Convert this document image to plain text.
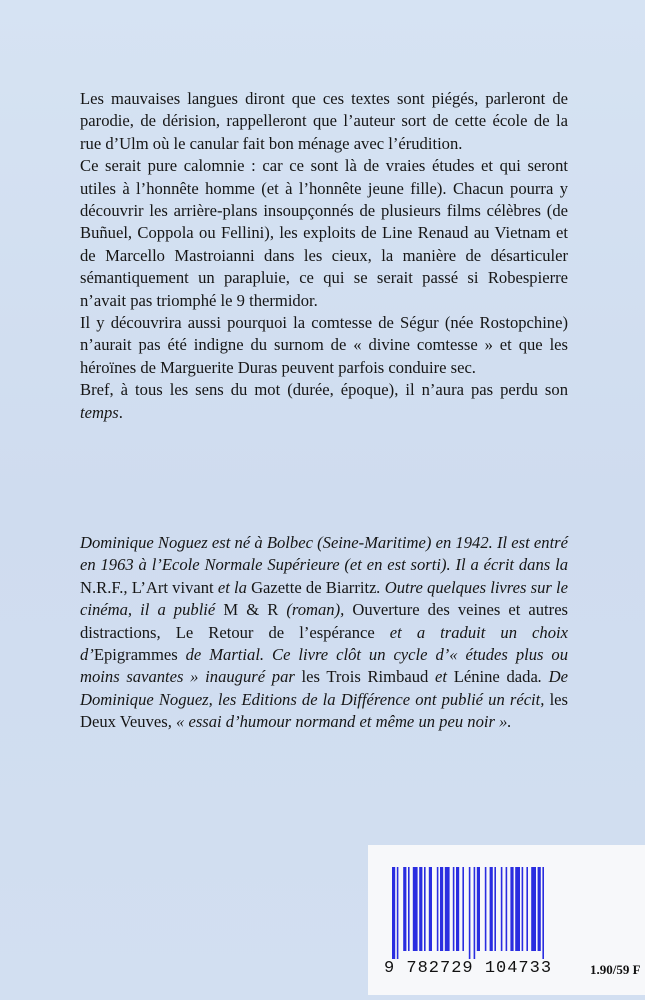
Les mauvaises langues diront que ces textes sont piégés, parleront de parodie, de dérision, rappelleront que l’auteur sort de cette école de la rue d’Ulm où le canular fait bon ménage avec l’érudition.

Ce serait pure calomnie : car ce sont là de vraies études et qui seront utiles à l’honnête homme (et à l’honnête jeune fille). Chacun pourra y découvrir les arrière-plans insoupçonnés de plusieurs films célèbres (de Buñuel, Coppola ou Fellini), les exploits de Line Renaud au Vietnam et de Marcello Mastroianni dans les cieux, la manière de désarticuler sémantiquement un parapluie, ce qui se serait passé si Robespierre n’avait pas triomphé le 9 thermidor.

Il y découvrira aussi pourquoi la comtesse de Ségur (née Rostopchine) n’aurait pas été indigne du surnom de « divine comtesse » et que les héroïnes de Marguerite Duras peuvent parfois conduire sec.

Bref, à tous les sens du mot (durée, époque), il n’aura pas perdu son temps.

Dominique Noguez est né à Bolbec (Seine-Maritime) en 1942. Il est entré en 1963 à l’Ecole Normale Supérieure (et en est sorti). Il a écrit dans la N.R.F., L’Art vivant et la Gazette de Biarritz. Outre quelques livres sur le cinéma, il a publié M & R (roman), Ouverture des veines et autres distractions, Le Retour de l’espérance et a traduit un choix d’Epigrammes de Martial. Ce livre clôt un cycle d’« études plus ou moins savantes » inauguré par les Trois Rimbaud et Lénine dada. De Dominique Noguez, les Editions de la Différence ont publié un récit, les Deux Veuves, « essai d’humour normand et même un peu noir ».

9 782729 104733	1.90/59 F
